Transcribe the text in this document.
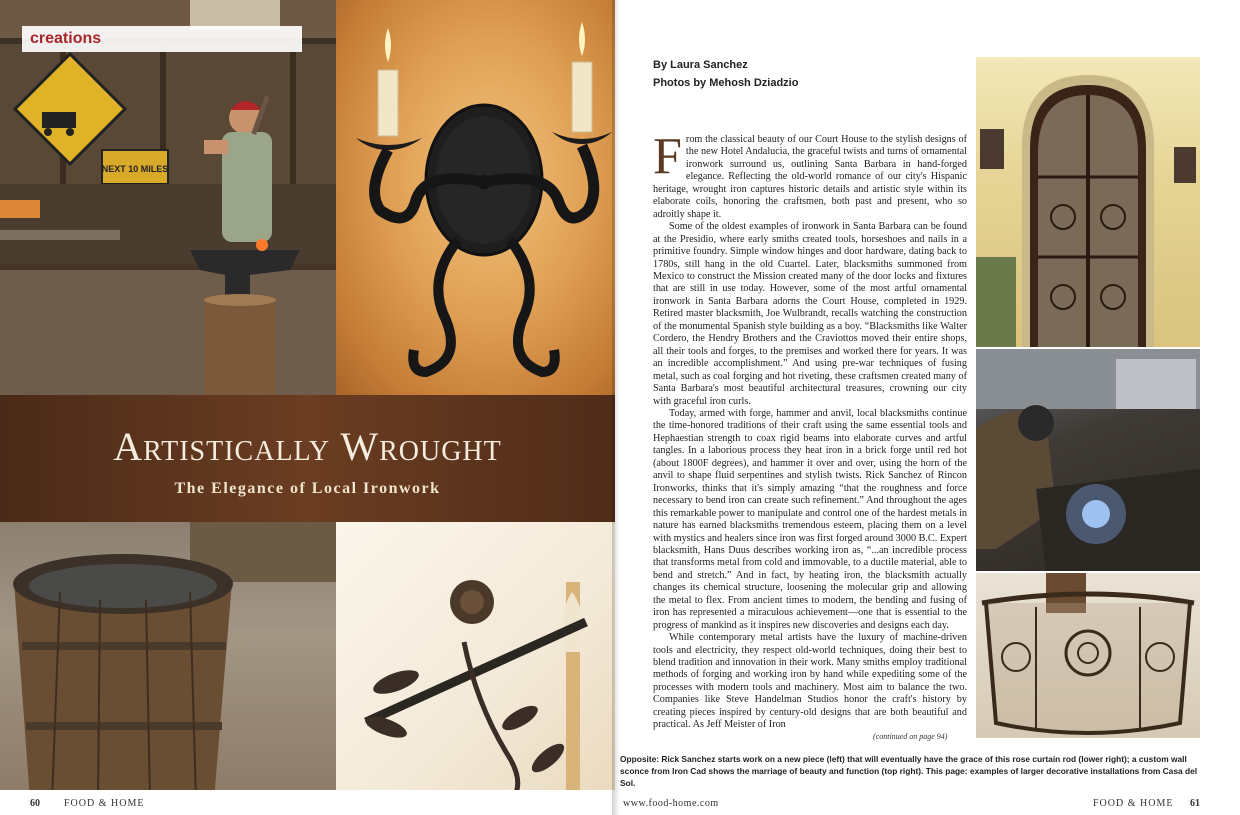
NEXT 10 MILES
creations
Artistically Wrought
The Elegance of Local Ironwork
60 FOOD & HOME
By Laura Sanchez
Photos by Mehosh Dziadzio

From the classical beauty of our Court House to the stylish designs of the new Hotel Andalucia, the graceful twists and turns of ornamental ironwork surround us, outlining Santa Barbara in hand-forged elegance. Reflecting the old-world romance of our city's Hispanic heritage, wrought iron captures historic details and artistic style within its elaborate coils, honoring the craftsmen, both past and present, who so adroitly shape it.

Some of the oldest examples of ironwork in Santa Barbara can be found at the Presidio, where early smiths created tools, horseshoes and nails in a primitive foundry. Simple window hinges and door hardware, dating back to 1780s, still hang in the old Cuartel. Later, blacksmiths summoned from Mexico to construct the Mission created many of the door locks and fixtures that are still in use today. However, some of the most artful ornamental ironwork in Santa Barbara adorns the Court House, completed in 1929. Retired master blacksmith, Joe Wulbrandt, recalls watching the construction of the monumental Spanish style building as a boy. “Blacksmiths like Walter Cordero, the Hendry Brothers and the Craviottos moved their entire shops, all their tools and forges, to the premises and worked there for years. It was an incredible accomplishment.” And using pre-war techniques of fusing metal, such as coal forging and hot riveting, these craftsmen created many of Santa Barbara's most beautiful architectural treasures, crowning our city with graceful iron curls.

Today, armed with forge, hammer and anvil, local blacksmiths continue the time-honored traditions of their craft using the same essential tools and Hephaestian strength to coax rigid beams into elaborate curves and artful tangles. In a laborious process they heat iron in a brick forge until red hot (about 1800F degrees), and hammer it over and over, using the horn of the anvil to shape fluid serpentines and stylish twists. Rick Sanchez of Rincon Ironworks, thinks that it's simply amazing “that the roughness and force necessary to bend iron can create such refinement.” And throughout the ages this remarkable power to manipulate and control one of the hardest metals in nature has earned blacksmiths tremendous esteem, placing them on a level with mystics and healers since iron was first forged around 3000 B.C. Expert blacksmith, Hans Duus describes working iron as, “...an incredible process that transforms metal from cold and immovable, to a ductile material, able to bend and stretch.” And in fact, by heating iron, the blacksmith actually changes its chemical structure, loosening the molecular grip and allowing the metal to flex. From ancient times to modern, the bending and fusing of iron has represented a miraculous achievement—one that is essential to the progress of mankind as it inspires new discoveries and designs each day.

While contemporary metal artists have the luxury of machine-driven tools and electricity, they respect old-world techniques, doing their best to blend tradition and innovation in their work. Many smiths employ traditional methods of forging and working iron by hand while expediting some of the processes with modern tools and machinery. Most aim to balance the two. Companies like Steve Handelman Studios honor the craft's history by creating pieces inspired by century-old designs that are both beautiful and practical. As Jeff Meister of Iron

(continued on page 94)
Opposite: Rick Sanchez starts work on a new piece (left) that will eventually have the grace of this rose curtain rod (lower right); a custom wall sconce from Iron Cad shows the marriage of beauty and function (top right). This page: examples of larger decorative installations from Casa del Sol.
www.food-home.com	FOOD & HOME 61
